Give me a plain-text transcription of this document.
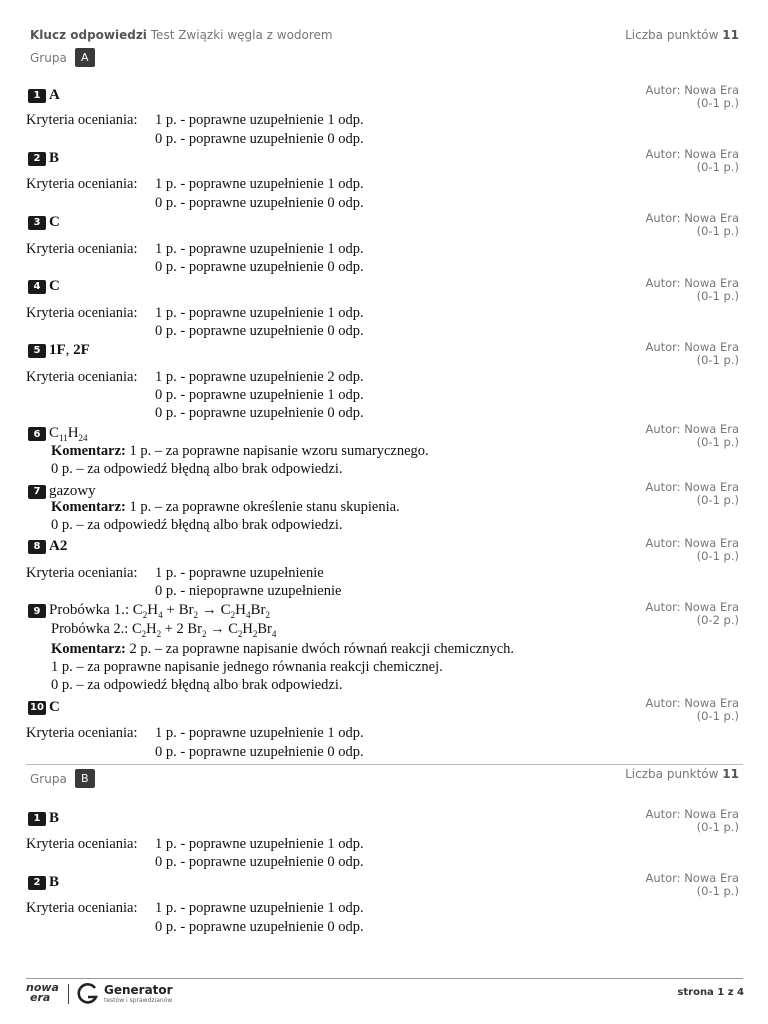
Klucz odpowiedzi Test Związki węgla z wodorem	Liczba punktów 11
Grupa	A
1 A	Autor: Nowa Era
(0-1 p.)
Kryteria oceniania: 1 p. - poprawne uzupełnienie 1 odp.
0 p. - poprawne uzupełnienie 0 odp.
2 B	Autor: Nowa Era
(0-1 p.)
Kryteria oceniania: 1 p. - poprawne uzupełnienie 1 odp.
0 p. - poprawne uzupełnienie 0 odp.
3 C	Autor: Nowa Era
(0-1 p.)
Kryteria oceniania: 1 p. - poprawne uzupełnienie 1 odp.
0 p. - poprawne uzupełnienie 0 odp.
4 C	Autor: Nowa Era
(0-1 p.)
Kryteria oceniania: 1 p. - poprawne uzupełnienie 1 odp.
0 p. - poprawne uzupełnienie 0 odp.
5 1F , 2F	Autor: Nowa Era
(0-1 p.)
Kryteria oceniania: 1 p. - poprawne uzupełnienie 2 odp.
0 p. - poprawne uzupełnienie 1 odp.
0 p. - poprawne uzupełnienie 0 odp.
6 $C_{11}H_{24}$
Autor: Nowa Era
(0-1 p.)
Komentarz: 1 p. – za poprawne napisanie wzoru sumarycznego.
0 p. – za odpowiedź błędną albo brak odpowiedzi.
7 gazowy	Autor: Nowa Era
(0-1 p.)
Komentarz: 1 p. – za poprawne określenie stanu skupienia.
0 p. – za odpowiedź błędną albo brak odpowiedzi.
8 A2	Autor: Nowa Era
(0-1 p.)
Kryteria oceniania: 1 p. - poprawne uzupełnienie
0 p. - niepoprawne uzupełnienie
9 Probówka 1.: $C_2H_4 + Br_2 \to C_2H_4Br_2$
Autor: Nowa Era
(0-2 p.)
Probówka 2.: $C_2H_2 + 2$ $Br_2 \to C_2H_2Br_4$
Komentarz: 2 p. – za poprawne napisanie dwóch równań reakcji chemicznych.
1 p. – za poprawne napisanie jednego równania reakcji chemicznej.
0 p. – za odpowiedź błędną albo brak odpowiedzi.
10 C	Autor: Nowa Era
(0-1 p.)
Kryteria oceniania: 1 p. - poprawne uzupełnienie 1 odp.
0 p. - poprawne uzupełnienie 0 odp.
Grupa	B	Liczba punktów 11
1 B	Autor: Nowa Era
(0-1 p.)
Kryteria oceniania: 1 p. - poprawne uzupełnienie 1 odp.
0 p. - poprawne uzupełnienie 0 odp.
2 B	Autor: Nowa Era
(0-1 p.)
Kryteria oceniania: 1 p. - poprawne uzupełnienie 1 odp.
0 p. - poprawne uzupełnienie 0 odp.
nowa
era
Generator
testów i sprawdzianów
strona 1 z 4
